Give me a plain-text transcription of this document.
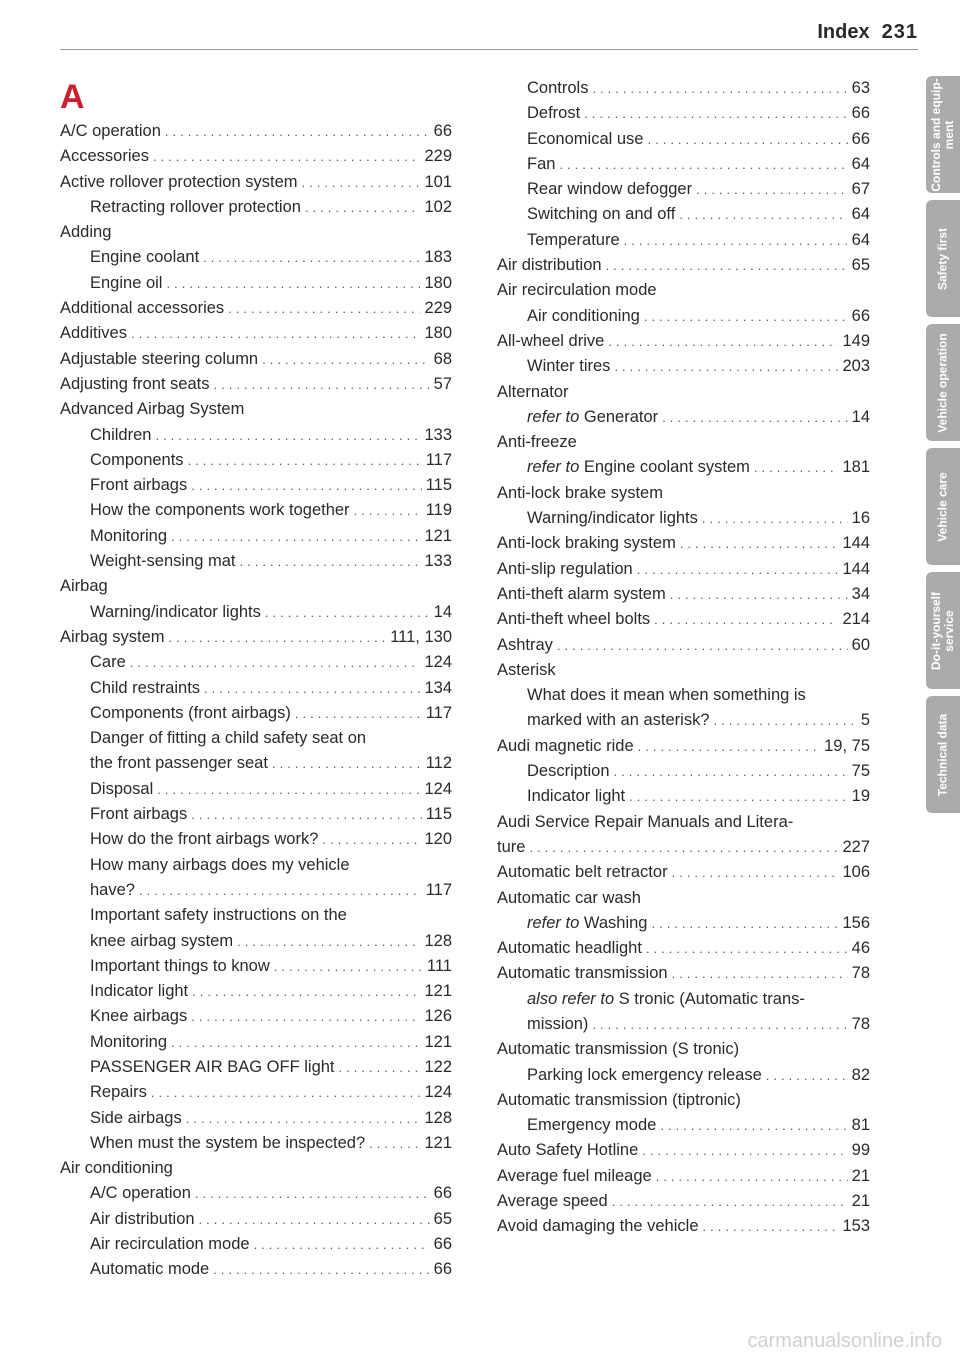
Index 231
A
A/C operation .....	66
Accessories .....	229
Active rollover protection system .....	101
Retracting rollover protection .....	102
Adding
Engine coolant .....	183
Engine oil .....	180
Additional accessories .....	229
Additives .....	180
Adjustable steering column .....	68
Adjusting front seats .....	57
Advanced Airbag System
Children .....	133
Components .....	117
Front airbags .....	115
How the components work together .....	119
Monitoring .....	121
Weight-sensing mat .....	133
Airbag
Warning/indicator lights .....	14
Airbag system .....	111, 130
Care .....	124
Child restraints .....	134
Components (front airbags) .....	117
Danger of fitting a child safety seat on
the front passenger seat .....	112
Disposal .....	124
Front airbags .....	115
How do the front airbags work? .....	120
How many airbags does my vehicle
have? .....	117
Important safety instructions on the
knee airbag system .....	128
Important things to know .....	111
Indicator light .....	121
Knee airbags .....	126
Monitoring .....	121
PASSENGER AIR BAG OFF light .....	122
Repairs .....	124
Side airbags .....	128
When must the system be inspected? .....	121
Air conditioning
A/C operation .....	66
Air distribution .....	65
Air recirculation mode .....	66
Automatic mode .....	66
Controls .....	63
Defrost .....	66
Economical use .....	66
Fan .....	64
Rear window defogger .....	67
Switching on and off .....	64
Temperature .....	64
Air distribution .....	65
Air recirculation mode
Air conditioning .....	66
All-wheel drive .....	149
Winter tires .....	203
Alternator
refer to Generator .....	14
Anti-freeze
refer to Engine coolant system .....	181
Anti-lock brake system
Warning/indicator lights .....	16
Anti-lock braking system .....	144
Anti-slip regulation .....	144
Anti-theft alarm system .....	34
Anti-theft wheel bolts .....	214
Ashtray .....	60
Asterisk
What does it mean when something is
marked with an asterisk? .....	5
Audi magnetic ride .....	19, 75
Description .....	75
Indicator light .....	19
Audi Service Repair Manuals and Litera-
ture .....	227
Automatic belt retractor .....	106
Automatic car wash
refer to Washing .....	156
Automatic headlight .....	46
Automatic transmission .....	78
also refer to S tronic (Automatic trans-
mission) .....	78
Automatic transmission (S tronic)
Parking lock emergency release .....	82
Automatic transmission (tiptronic)
Emergency mode .....	81
Auto Safety Hotline .....	99
Average fuel mileage .....	21
Average speed .....	21
Avoid damaging the vehicle .....	153
Controls and equip-
ment
Safety first
Vehicle operation
Vehicle care
Do-it-yourself
service
Technical data
carmanualsonline.info
